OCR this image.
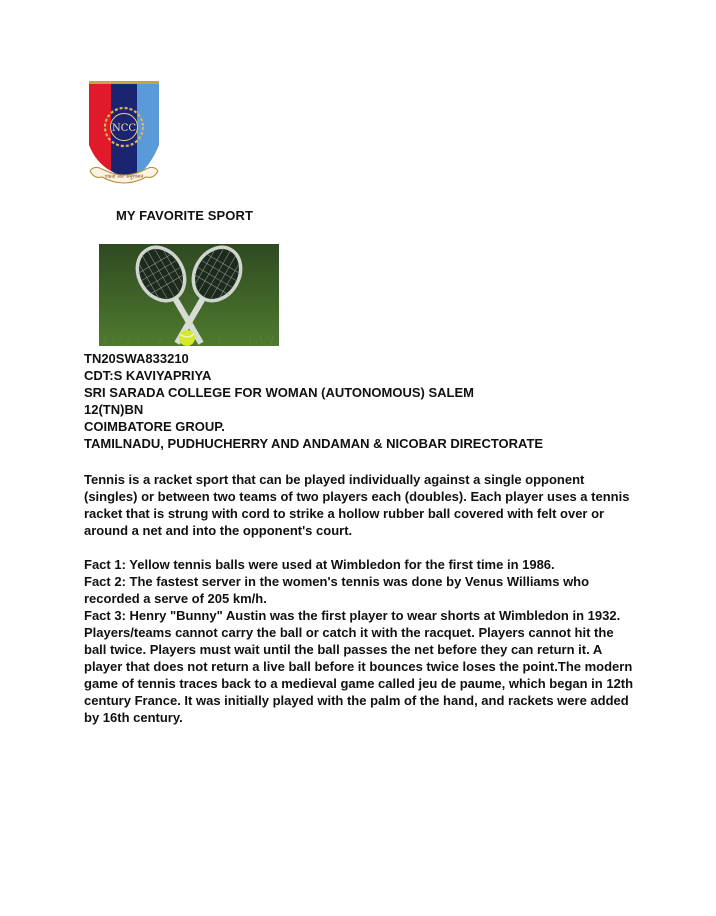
NCC
एकता और अनुशासन
MY FAVORITE SPORT
TN20SWA833210
CDT:S KAVIYAPRIYA
SRI SARADA COLLEGE FOR WOMAN (AUTONOMOUS) SALEM
12(TN)BN
COIMBATORE GROUP.
TAMILNADU, PUDHUCHERRY AND ANDAMAN & NICOBAR DIRECTORATE
Tennis is a racket sport that can be played individually against a single opponent
(singles) or between two teams of two players each (doubles). Each player uses a tennis
racket that is strung with cord to strike a hollow rubber ball covered with felt over or
around a net and into the opponent's court.
Fact 1: Yellow tennis balls were used at Wimbledon for the first time in 1986.
Fact 2: The fastest server in the women's tennis was done by Venus Williams who
recorded a serve of 205 km/h.
Fact 3: Henry "Bunny" Austin was the first player to wear shorts at Wimbledon in 1932.
Players/teams cannot carry the ball or catch it with the racquet. Players cannot hit the
ball twice. Players must wait until the ball passes the net before they can return it. A
player that does not return a live ball before it bounces twice loses the point.The modern
game of tennis traces back to a medieval game called jeu de paume, which began in 12th
century France. It was initially played with the palm of the hand, and rackets were added
by 16th century.
